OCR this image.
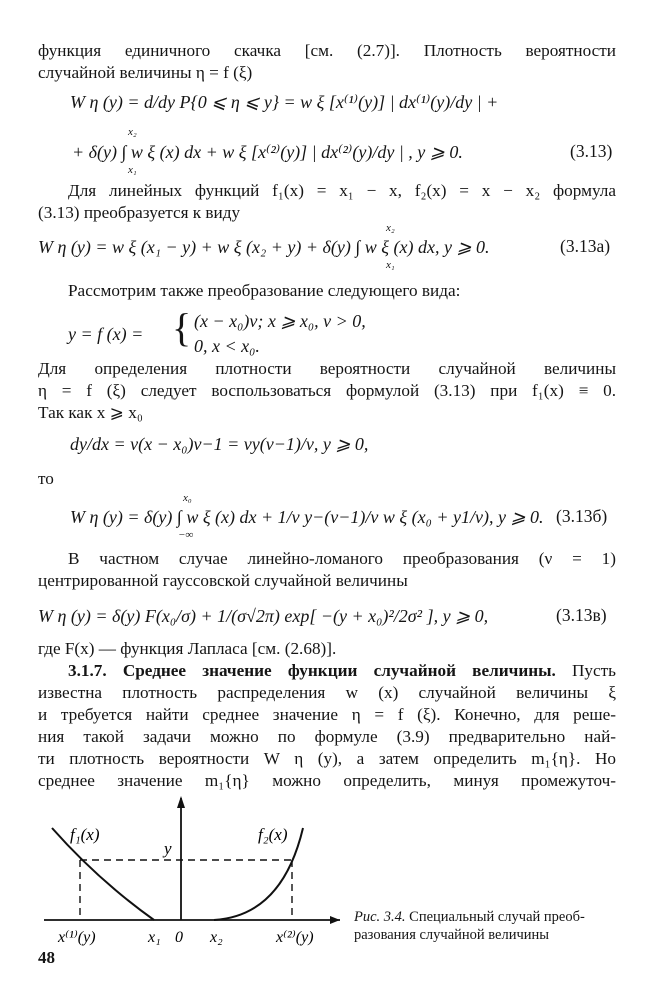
функция единичного скачка [см. (2.7)]. Плотность вероятности
случайной величины η = f (ξ)
W η (y) = d/dy P{0 ⩽ η ⩽ y} = w ξ [x⁽¹⁾(y)] | dx⁽¹⁾(y)/dy | +
+ δ(y) ∫ w ξ (x) dx + w ξ [x⁽²⁾(y)] | dx⁽²⁾(y)/dy | , y ⩾ 0.
x₂
x₁
(3.13)
Для линейных функций f₁(x) = x₁ − x, f₂(x) = x − x₂ формула
(3.13) преобразуется к виду
W η (y) = w ξ (x₁ − y) + w ξ (x₂ + y) + δ(y) ∫ w ξ (x) dx, y ⩾ 0.
x₂
x₁
(3.13а)
Рассмотрим также преобразование следующего вида:
y = f (x) = { (x − x₀)ν; x ⩾ x₀, ν > 0,
0, x < x₀.
Для определения плотности вероятности случайной величины
η = f (ξ) следует воспользоваться формулой (3.13) при f₁(x) ≡ 0.
Так как x ⩾ x₀
dy/dx = ν(x − x₀)ν−1 = νy(ν−1)/ν, y ⩾ 0,
то
W η (y) = δ(y) ∫ w ξ (x) dx + 1/ν y−(ν−1)/ν w ξ (x₀ + y1/ν), y ⩾ 0.
x₀
−∞
(3.13б)
В частном случае линейно-ломаного преобразования (ν = 1)
центрированной гауссовской случайной величины
W η (y) = δ(y) F(x₀/σ) + 1/(σ√2π) exp[ −(y + x₀)²/2σ² ], y ⩾ 0,	(3.13в)
где F(x) — функция Лапласа [см. (2.68)].
3.1.7. Среднее значение функции случайной величины. Пусть
известна плотность распределения w (x) случайной величины ξ
и требуется найти среднее значение η = f (ξ). Конечно, для реше-
ния такой задачи можно по формуле (3.9) предварительно най-
ти плотность вероятности W η (y), а затем определить m₁{η}. Но
среднее значение m₁{η} можно определить, минуя промежуточ-
f₁(x)	f₂(x)
y
x⁽¹⁾(y)	x₁ 0 x₂	x⁽²⁾(y)
Рис. 3.4. Специальный случай преоб-
разования случайной величины
48
